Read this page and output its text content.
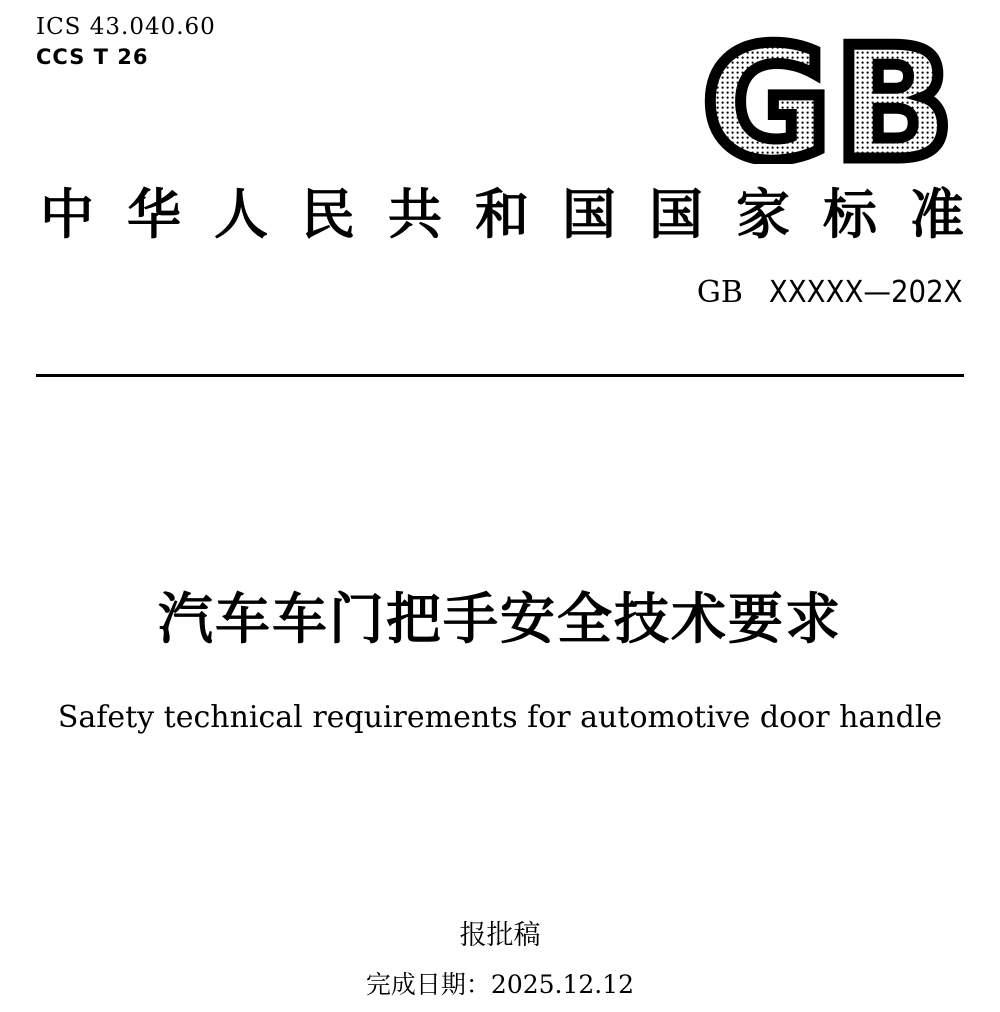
ICS 43.040.60
CCS T 26	GB
中 华 人 民 共 和 国 国 家 标 准
GB XXXXX—202X
汽车车门把手安全技术要求
Safety technical requirements for automotive door handle
报批稿
完成日期：2025.12.12
